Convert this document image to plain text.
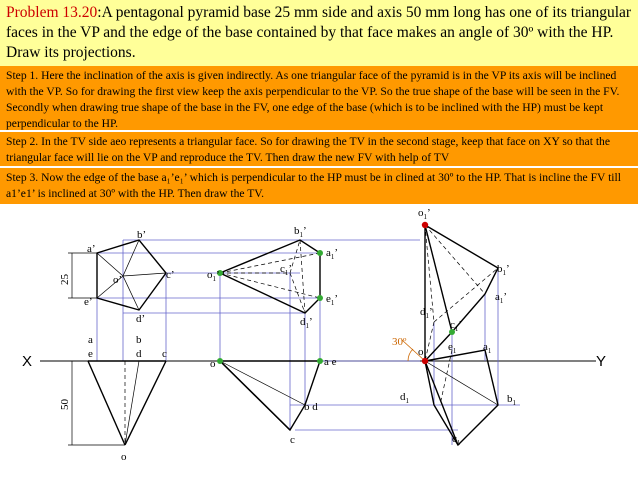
Problem 13.20:A pentagonal pyramid base 25 mm side and axis 50 mm long has one of its triangular faces in the VP and the edge of the base contained by that face makes an angle of 30º with the HP. Draw its projections.
Step 1. Here the inclination of the axis is given indirectly. As one triangular face of the pyramid is in the VP its axis will be inclined with the VP. So for drawing the first view keep the axis perpendicular to the VP. So the true shape of the base will be seen in the FV. Secondly when drawing true shape of the base in the FV, one edge of the base (which is to be inclined with the HP) must be kept perpendicular to the HP.
Step 2. In the TV side aeo represents a triangular face. So for drawing the TV in the second stage, keep that face on XY so that the triangular face will lie on the VP and reproduce the TV. Then draw the new FV with help of TV
Step 3. Now the edge of the base a₁’e₁’ which is perpendicular to the HP must be in clined at 30º to the HP. That is incline the FV till a1’e1’ is inclined at 30º with the HP. Then draw the TV.
X	Y
25
50
a’
b’
c’
d’
e’
o’
a
e
b
d c
o
$o_1$’
$b_1$’
$c_1$’
$a_1$’
$e_1$’
$d_1$’
o	a e
b d
c
30º
$o_1$’
$b_1$’
$a_1$’
$d_1$’
$c_1$’
$o_1$
$e_1$ $a_1$
$d_1$	$b_1$
$c_1$
